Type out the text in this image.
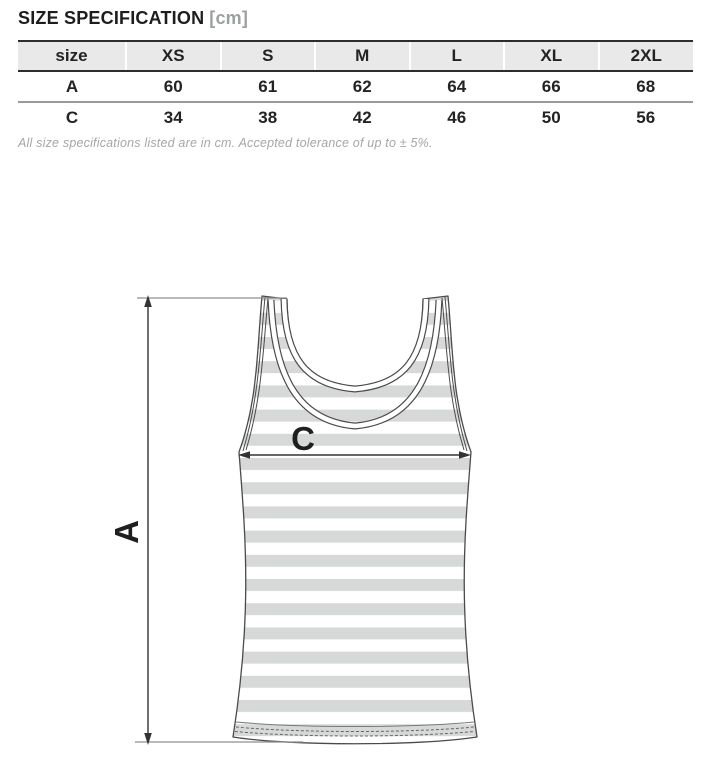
SIZE SPECIFICATION [cm]
size	XS	S	M	L	XL	2XL
A	60	61	62	64	66	68
C	34	38	42	46	50	56
All size specifications listed are in cm. Accepted tolerance of up to ± 5%.
A
C
